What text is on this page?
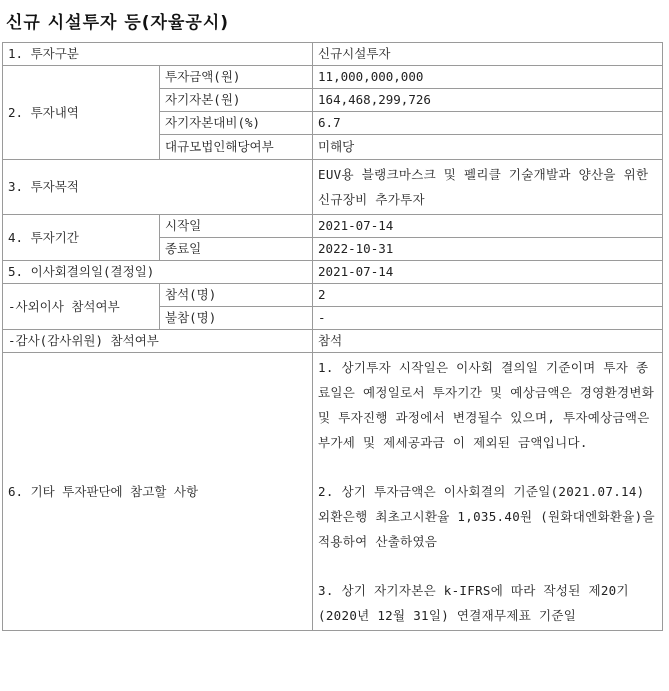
신규 시설투자 등(자율공시)
1. 투자구분		신규시설투자
2. 투자내역	투자금액(원)	11,000,000,000
	자기자본(원)	164,468,299,726
	자기자본대비(%)	6.7
	대규모법인해당여부	미해당
3. 투자목적		EUV용 블랭크마스크 및 펠리클 기술개발과 양산을 위한 신규장비 추가투자
4. 투자기간	시작일	2021-07-14
	종료일	2022-10-31
5. 이사회결의일(결정일)		2021-07-14
-사외이사 참석여부	참석(명)	2
	불참(명)	-
-감사(감사위원) 참석여부		참석
6. 기타 투자판단에 참고할 사항		1. 상기투자 시작일은 이사회 결의일 기준이며 투자 종료일은 예정일로서 투자기간 및 예상금액은 경영환경변화 및 투자진행 과정에서 변경될수 있으며, 투자예상금액은 부가세 및 제세공과금 이 제외된 금액입니다.

2. 상기 투자금액은 이사회결의 기준일(2021.07.14) 외환은행 최초고시환율 1,035.40원 (원화대엔화환율)을 적용하여 산출하였음

3. 상기 자기자본은 k-IFRS에 따라 작성된 제20기 (2020년 12월 31일) 연결재무제표 기준일
